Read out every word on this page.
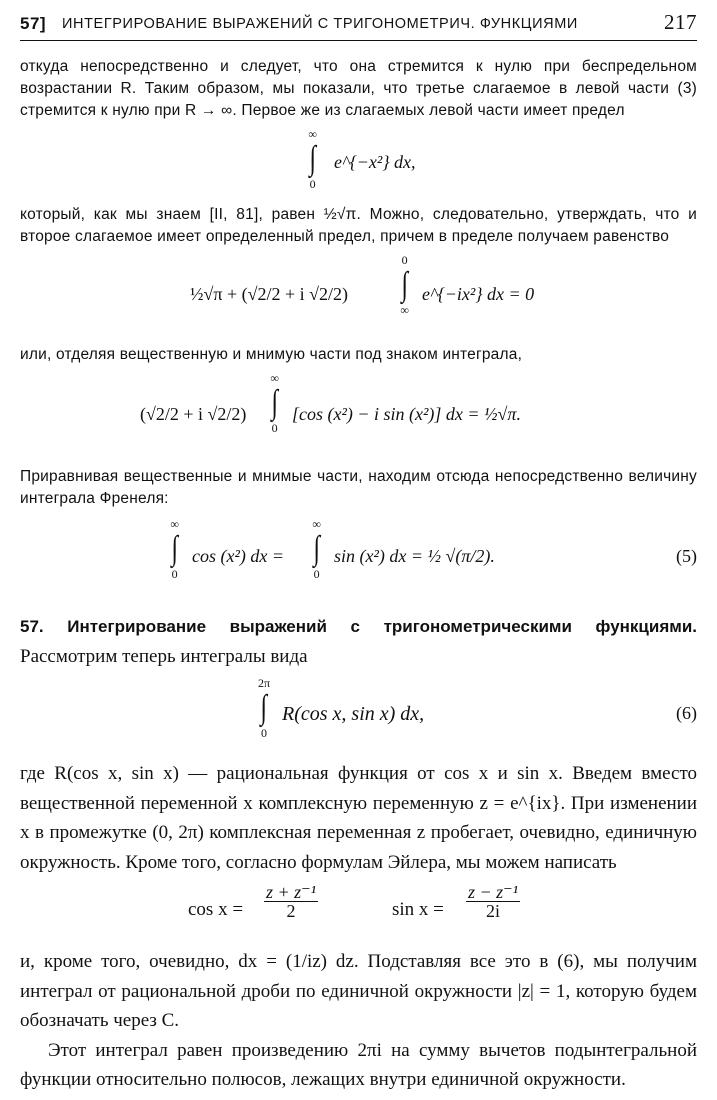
57] ИНТЕГРИРОВАНИЕ ВЫРАЖЕНИЙ С ТРИГОНОМЕТРИЧ. ФУНКЦИЯМИ	217

откуда непосредственно и следует, что она стремится к нулю при беспредельном возрастании R. Таким образом, мы показали, что третье слагаемое в левой части (3) стремится к нулю при R → ∞. Первое же из слагаемых левой части имеет предел

∞
∫
0
e^{−x²} dx,

который, как мы знаем [II, 81], равен ½√π. Можно, следовательно, утверждать, что и второе слагаемое имеет определенный предел, причем в пределе получаем равенство

½√π + (√2/2 + i √2/2)
0
∫
∞
e^{−ix²} dx = 0

или, отделяя вещественную и мнимую части под знаком интеграла,

(√2/2 + i √2/2)
∞
∫
0
[cos (x²) − i sin (x²)] dx = ½√π.

Приравнивая вещественные и мнимые части, находим отсюда непосредственно величину интеграла Френеля:

∞
∫
0
cos (x²) dx =
∞
∫
0
sin (x²) dx = ½ √(π/2).	(5)

57. Интегрирование выражений с тригонометрическими функциями. Рассмотрим теперь интегралы вида

2π
∫
0
R(cos x, sin x) dx,	(6)

где R(cos x, sin x) — рациональная функция от cos x и sin x. Введем вместо вещественной переменной x комплексную переменную z = e^{ix}. При изменении x в промежутке (0, 2π) комплексная переменная z пробегает, очевидно, единичную окружность. Кроме того, согласно формулам Эйлера, мы можем написать

$\cos x = \frac{\text{z + z⁻¹}}{2}$	$\sin x = \frac{\text{z − z⁻¹}}{2i}$

и, кроме того, очевидно, dx = (1/iz) dz. Подставляя все это в (6), мы получим интеграл от рациональной дроби по единичной окружности |z| = 1, которую будем обозначать через C.

Этот интеграл равен произведению 2πi на сумму вычетов подынтегральной функции относительно полюсов, лежащих внутри единичной окружности.
